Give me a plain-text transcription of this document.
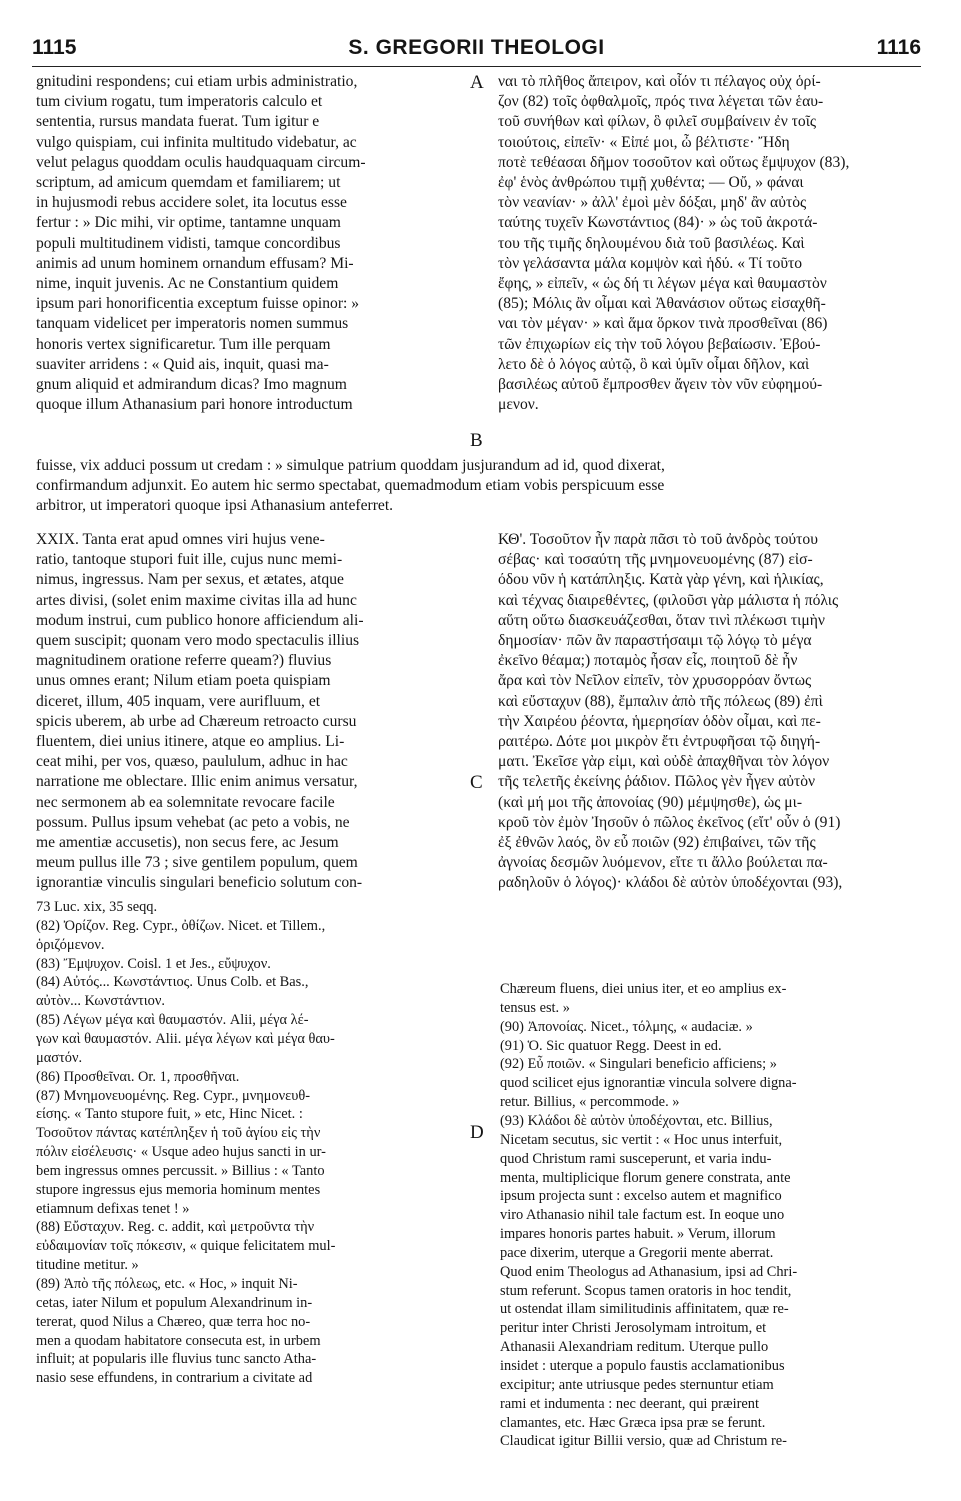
1115	S. GREGORII THEOLOGI	1116
gnitudini respondens; cui etiam urbis administratio,
tum civium rogatu, tum imperatoris calculo et
sententia, rursus mandata fuerat. Tum igitur e
vulgo quispiam, cui infinita multitudo videbatur, ac
velut pelagus quoddam oculis haudquaquam circum-
scriptum, ad amicum quemdam et familiarem; ut
in hujusmodi rebus accidere solet, ita locutus esse
fertur : » Dic mihi, vir optime, tantamne unquam
populi multitudinem vidisti, tamque concordibus
animis ad unum hominem ornandum effusam? Mi-
nime, inquit juvenis. Ac ne Constantium quidem
ipsum pari honorificentia exceptum fuisse opinor: »
tanquam videlicet per imperatoris nomen summus
honoris vertex significaretur. Tum ille perquam
suaviter arridens : « Quid ais, inquit, quasi ma-
gnum aliquid et admirandum dicas? Imo magnum
quoque illum Athanasium pari honore introductum
ναι τὸ πλῆθος ἄπειρον, καὶ οἷόν τι πέλαγος οὐχ ὁρί-
ζον (82) τοῖς ὀφθαλμοῖς, πρός τινα λέγεται τῶν ἑαυ-
τοῦ συνήθων καὶ φίλων, ὃ φιλεῖ συμβαίνειν ἐν τοῖς
τοιούτοις, εἰπεῖν· « Εἰπέ μοι, ὦ βέλτιστε· Ἤδη
ποτὲ τεθέασαι δῆμον τοσοῦτον καὶ οὕτως ἔμψυχον (83),
ἐφ' ἑνὸς ἀνθρώπου τιμῇ χυθέντα; — Οὔ, » φάναι
τὸν νεανίαν· » ἀλλ' ἐμοὶ μὲν δόξαι, μηδ' ἂν αὐτὸς
ταύτης τυχεῖν Κωνστάντιος (84)· » ὡς τοῦ ἀκροτά-
του τῆς τιμῆς δηλουμένου διὰ τοῦ βασιλέως. Καὶ
τὸν γελάσαντα μάλα κομψὸν καὶ ἡδύ. « Τί τοῦτο
ἔφης, » εἰπεῖν, « ὡς δή τι λέγων μέγα καὶ θαυμαστὸν
(85); Μόλις ἂν οἶμαι καὶ Ἀθανάσιον οὕτως εἰσαχθῆ-
ναι τὸν μέγαν· » καὶ ἅμα ὅρκον τινὰ προσθεῖναι (86)
τῶν ἐπιχωρίων εἰς τὴν τοῦ λόγου βεβαίωσιν. Ἐβού-
λετο δὲ ὁ λόγος αὐτῷ, ὃ καὶ ὑμῖν οἶμαι δῆλον, καὶ
βασιλέως αὐτοῦ ἔμπροσθεν ἄγειν τὸν νῦν εὐφημού-
μενον.
fuisse, vix adduci possum ut credam : » simulque patrium quoddam jusjurandum ad id, quod dixerat,
confirmandum adjunxit. Eo autem hic sermo spectabat, quemadmodum etiam vobis perspicuum esse
arbitror, ut imperatori quoque ipsi Athanasium anteferret.
XXIX. Tanta erat apud omnes viri hujus vene-
ratio, tantoque stupori fuit ille, cujus nunc memi-
nimus, ingressus. Nam per sexus, et ætates, atque
artes divisi, (solet enim maxime civitas illa ad hunc
modum instrui, cum publico honore afficiendum ali-
quem suscipit; quonam vero modo spectaculis illius
magnitudinem oratione referre queam?) fluvius
unus omnes erant; Nilum etiam poeta quispiam
diceret, illum, 405 inquam, vere aurifluum, et
spicis uberem, ab urbe ad Chæreum retroacto cursu
fluentem, diei unius itinere, atque eo amplius. Li-
ceat mihi, per vos, quæso, paululum, adhuc in hac
narratione me oblectare. Illic enim animus versatur,
nec sermonem ab ea solemnitate revocare facile
possum. Pullus ipsum vehebat (ac peto a vobis, ne
me amentiæ accusetis), non secus fere, ac Jesum
meum pullus ille 73 ; sive gentilem populum, quem
ignorantiæ vinculis singulari beneficio solutum con-
ΚΘ'. Τοσοῦτον ἦν παρὰ πᾶσι τὸ τοῦ ἀνδρὸς τούτου
σέβας· καὶ τοσαύτη τῆς μνημονευομένης (87) εἰσ-
όδου νῦν ἡ κατάπληξις. Κατὰ γὰρ γένη, καὶ ἡλικίας,
καὶ τέχνας διαιρεθέντες, (φιλοῦσι γὰρ μάλιστα ἡ πόλις
αὕτη οὕτω διασκευάζεσθαι, ὅταν τινὶ πλέκωσι τιμὴν
δημοσίαν· πῶν ἂν παραστήσαιμι τῷ λόγῳ τὸ μέγα
ἐκεῖνο θέαμα;) ποταμὸς ἦσαν εἷς, ποιητοῦ δὲ ἦν
ἄρα καὶ τὸν Νεῖλον εἰπεῖν, τὸν χρυσορρόαν ὄντως
καὶ εὔσταχυν (88), ἔμπαλιν ἀπὸ τῆς πόλεως (89) ἐπὶ
τὴν Χαιρέου ῥέοντα, ἡμερησίαν ὁδὸν οἶμαι, καὶ πε-
ραιτέρω. Δότε μοι μικρὸν ἔτι ἐντρυφῆσαι τῷ διηγή-
ματι. Ἐκεῖσε γὰρ εἰμι, καὶ οὐδὲ ἀπαχθῆναι τὸν λόγον
τῆς τελετῆς ἐκείνης ῥάδιον. Πῶλος γὲν ἦγεν αὐτὸν
(καὶ μή μοι τῆς ἀπονοίας (90) μέμψησθε), ὡς μι-
κροῦ τὸν ἐμὸν Ἰησοῦν ὁ πῶλος ἐκεῖνος (εἴτ' οὖν ὁ (91)
ἐξ ἐθνῶν λαός, ὃν εὖ ποιῶν (92) ἐπιβαίνει, τῶν τῆς
ἀγνοίας δεσμῶν λυόμενον, εἴτε τι ἄλλο βούλεται πα-
ραδηλοῦν ὁ λόγος)· κλάδοι δὲ αὐτὸν ὑποδέχονται (93),
73 Luc. xix, 35 seqq.
(82) Ὀρίζον. Reg. Cypr., ὀθίζων. Nicet. et Tillem.,
ὁριζόμενον.
(83) Ἔμψυχον. Coisl. 1 et Jes., εὔψυχον.
(84) Αὐτός... Κωνστάντιος. Unus Colb. et Bas.,
αὐτὸν... Κωνστάντιον.
(85) Λέγων μέγα καὶ θαυμαστόν. Alii, μέγα λέ-
γων καὶ θαυμαστόν. Alii. μέγα λέγων καὶ μέγα θαυ-
μαστόν.
(86) Προσθεῖναι. Or. 1, προσθῆναι.
(87) Μνημονευομένης. Reg. Cypr., μνημονευθ-
είσης. « Tanto stupore fuit, » etc, Hinc Nicet. :
Τοσοῦτον πάντας κατέπληξεν ἡ τοῦ ἁγίου εἰς τὴν
πόλιν εἰσέλευσις· « Usque adeo hujus sancti in ur-
bem ingressus omnes percussit. » Billius : « Tanto
stupore ingressus ejus memoria hominum mentes
etiamnum defixas tenet ! »
(88) Εὔσταχυν. Reg. c. addit, καὶ μετροῦντα τὴν
εὐδαιμονίαν τοῖς πόκεσιν, « quique felicitatem mul-
titudine metitur. »
(89) Ἀπὸ τῆς πόλεως, etc. « Hoc, » inquit Ni-
cetas, iater Nilum et populum Alexandrinum in-
tererat, quod Nilus a Chæreo, quæ terra hoc no-
men a quodam habitatore consecuta est, in urbem
influit; at popularis ille fluvius tunc sancto Atha-
nasio sese effundens, in contrarium a civitate ad
Chæreum fluens, diei unius iter, et eo amplius ex-
tensus est. »
(90) Ἀπονοίας. Nicet., τόλμης, « audaciæ. »
(91) Ὁ. Sic quatuor Regg. Deest in ed.
(92) Εὖ ποιῶν. « Singulari beneficio afficiens; »
quod scilicet ejus ignorantiæ vincula solvere digna-
retur. Billius, « percommode. »
(93) Κλάδοι δὲ αὐτὸν ὑποδέχονται, etc. Billius,
Nicetam secutus, sic vertit : « Hoc unus interfuit,
quod Christum rami susceperunt, et varia indu-
menta, multiplicique florum genere constrata, ante
ipsum projecta sunt : excelso autem et magnifico
viro Athanasio nihil tale factum est. In eoque uno
impares honoris partes habuit. » Verum, illorum
pace dixerim, uterque a Gregorii mente aberrat.
Quod enim Theologus ad Athanasium, ipsi ad Chri-
stum referunt. Scopus tamen oratoris in hoc tendit,
ut ostendat illam similitudinis affinitatem, quæ re-
peritur inter Christi Jerosolymam introitum, et
Athanasii Alexandriam reditum. Uterque pullo
insidet : uterque a populo faustis acclamationibus
excipitur; ante utriusque pedes sternuntur etiam
rami et indumenta : nec deerant, qui præirent
clamantes, etc. Hæc Græca ipsa præ se ferunt.
Claudicat igitur Billii versio, quæ ad Christum re-
A
B
C
D
